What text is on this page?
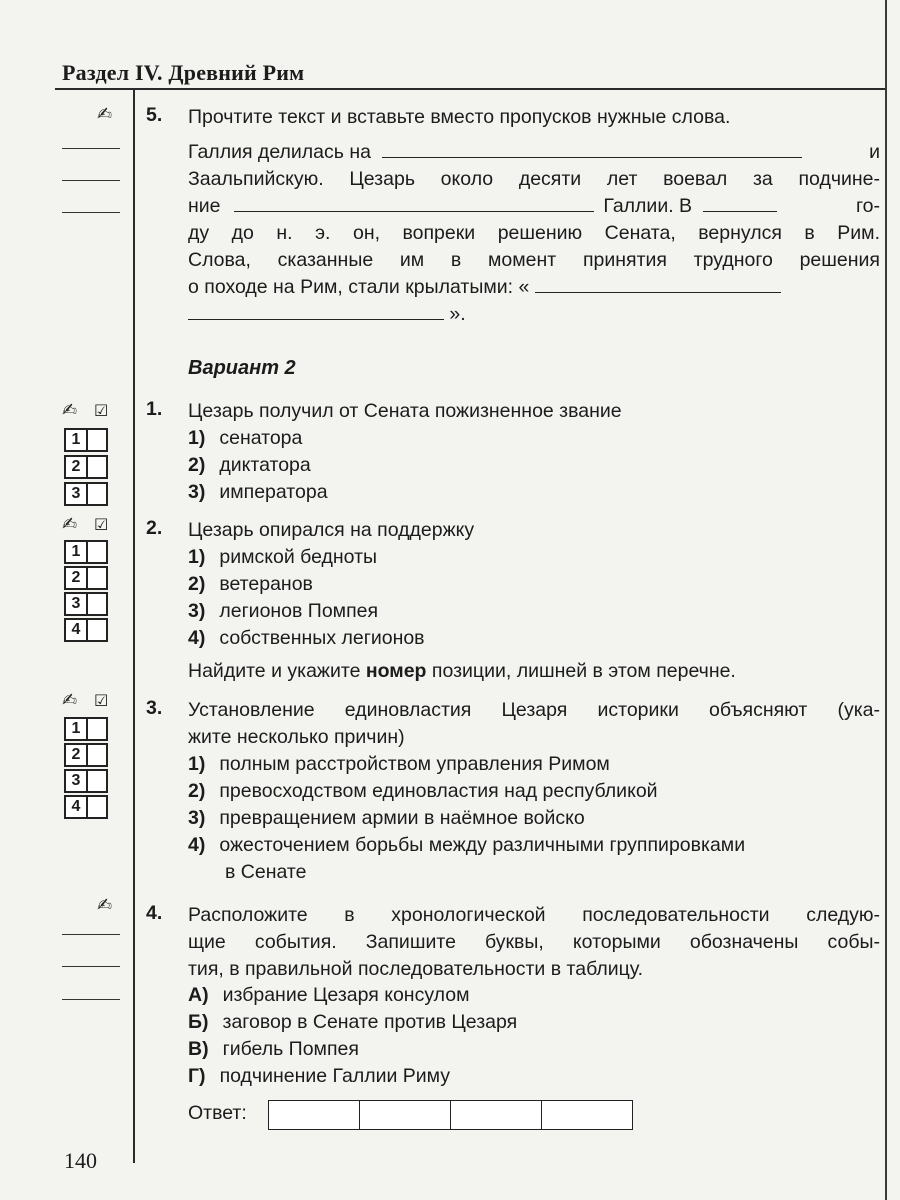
Раздел IV. Древний Рим
140
✍ 5. Прочтите текст и вставьте вместо пропусков нужные слова.
Галлия делилась на	и
Заальпийскую. Цезарь около десяти лет воевал за подчине-
ние	Галлии. В	го-
ду до н. э. он, вопреки решению Сената, вернулся в Рим.
Слова, сказанные им в момент принятия трудного решения
о походе на Рим, стали крылатыми: «
».
Вариант 2
✍ ☑
1
2
3
1. Цезарь получил от Сената пожизненное звание
1) сенатора
2) диктатора
3) императора
✍ ☑
1
2
3
4
2. Цезарь опирался на поддержку
1) римской бедноты
2) ветеранов
3) легионов Помпея
4) собственных легионов
Найдите и укажите номер позиции, лишней в этом перечне.
✍ ☑
1
2
3
4
3. Установление единовластия Цезаря историки объясняют (ука-
жите несколько причин)
1) полным расстройством управления Римом
2) превосходством единовластия над республикой
3) превращением армии в наёмное войско
4) ожесточением борьбы между различными группировками
в Сенате
✍ 4. Расположите в хронологической последовательности следую-
щие события. Запишите буквы, которыми обозначены собы-
тия, в правильной последовательности в таблицу.
А) избрание Цезаря консулом
Б) заговор в Сенате против Цезаря
В) гибель Помпея
Г) подчинение Галлии Риму
Ответ:
